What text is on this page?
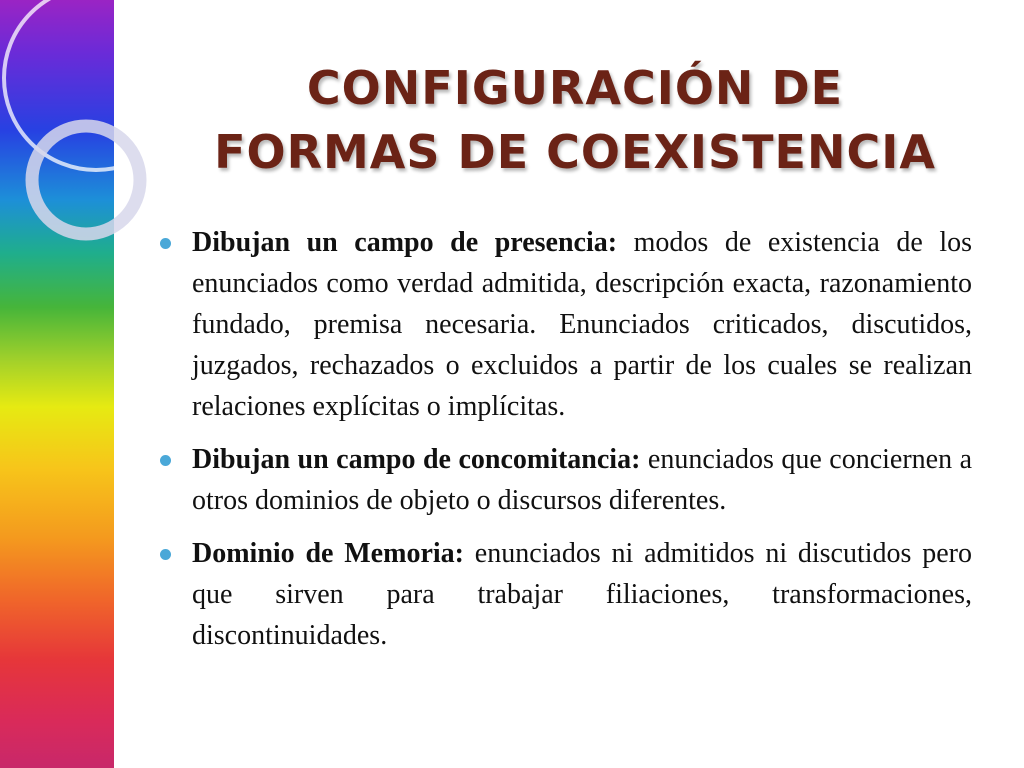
CONFIGURACIÓN DE
FORMAS DE COEXISTENCIA
Dibujan un campo de presencia: modos de existencia de los enunciados como verdad admitida, descripción exacta, razonamiento fundado, premisa necesaria. Enunciados criticados, discutidos, juzgados, rechazados o excluidos a partir de los cuales se realizan relaciones explícitas o implícitas.
Dibujan un campo de concomitancia: enunciados que conciernen a otros dominios de objeto o discursos diferentes.
Dominio de Memoria: enunciados ni admitidos ni discutidos pero que sirven para trabajar filiaciones, transformaciones, discontinuidades.
